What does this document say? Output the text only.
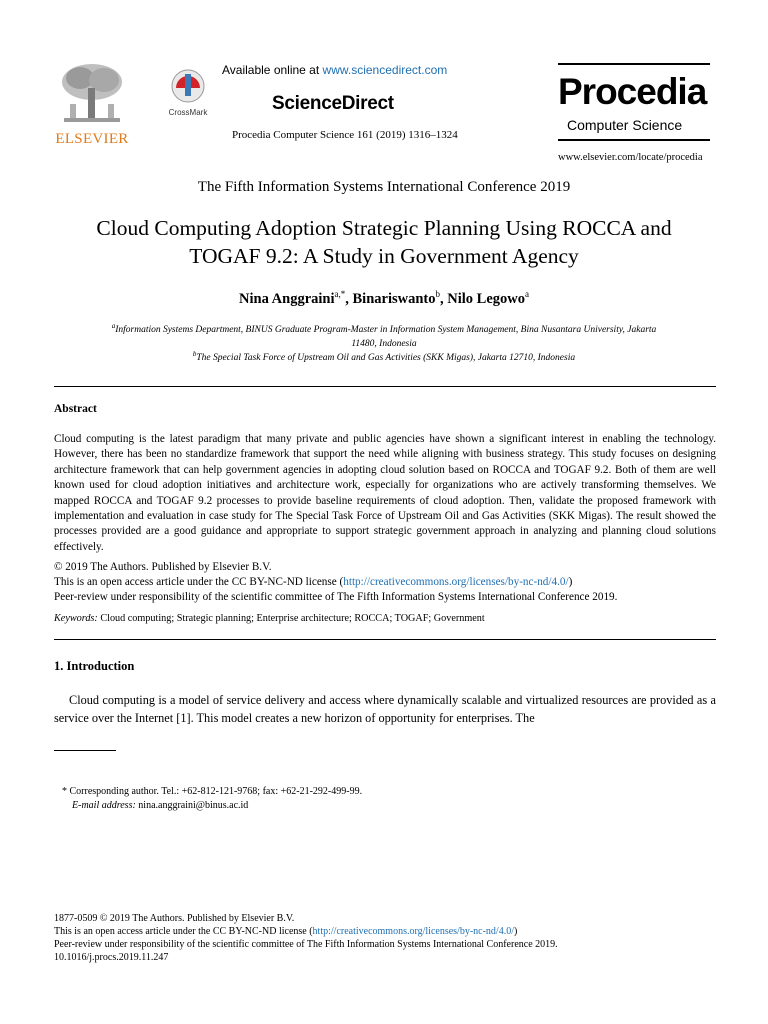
ELSEVIER
CrossMark
Available online at www.sciencedirect.com
ScienceDirect
Procedia Computer Science 161 (2019) 1316–1324
Procedia
Computer Science
www.elsevier.com/locate/procedia
The Fifth Information Systems International Conference 2019
Cloud Computing Adoption Strategic Planning Using ROCCA and
TOGAF 9.2: A Study in Government Agency
Nina Anggraini$^{a,*}$, Binariswanto$^b$, Nilo Legowo$^a$
$^a$Information Systems Department, BINUS Graduate Program-Master in Information System Management, Bina Nusantara University, Jakarta
11480, Indonesia
$^b$The Special Task Force of Upstream Oil and Gas Activities (SKK Migas), Jakarta 12710, Indonesia
Abstract
Cloud computing is the latest paradigm that many private and public agencies have shown a significant interest in enabling the technology. However, there has been no standardize framework that support the need while aligning with business strategy. This study focuses on designing architecture framework that can help government agencies in adopting cloud solution based on ROCCA and TOGAF 9.2. Both of them are well known used for cloud adoption initiatives and architecture work, especially for organizations who are actively transforming themselves. We mapped ROCCA and TOGAF 9.2 processes to provide baseline requirements of cloud adoption. Then, validate the proposed framework with implementation and evaluation in case study for The Special Task Force of Upstream Oil and Gas Activities (SKK Migas). The result showed the processes provided are a good guidance and appropriate to support strategic government approach in analyzing and planning cloud solutions effectively.
© 2019 The Authors. Published by Elsevier B.V.
This is an open access article under the CC BY-NC-ND license (http://creativecommons.org/licenses/by-nc-nd/4.0/)
Peer-review under responsibility of the scientific committee of The Fifth Information Systems International Conference 2019.
Keywords: Cloud computing; Strategic planning; Enterprise architecture; ROCCA; TOGAF; Government
1. Introduction
Cloud computing is a model of service delivery and access where dynamically scalable and virtualized resources are provided as a service over the Internet [1]. This model creates a new horizon of opportunity for enterprises. The
* Corresponding author. Tel.: +62-812-121-9768; fax: +62-21-292-499-99.
E-mail address: nina.anggraini@binus.ac.id
1877-0509 © 2019 The Authors. Published by Elsevier B.V.
This is an open access article under the CC BY-NC-ND license (http://creativecommons.org/licenses/by-nc-nd/4.0/)
Peer-review under responsibility of the scientific committee of The Fifth Information Systems International Conference 2019.
10.1016/j.procs.2019.11.247
